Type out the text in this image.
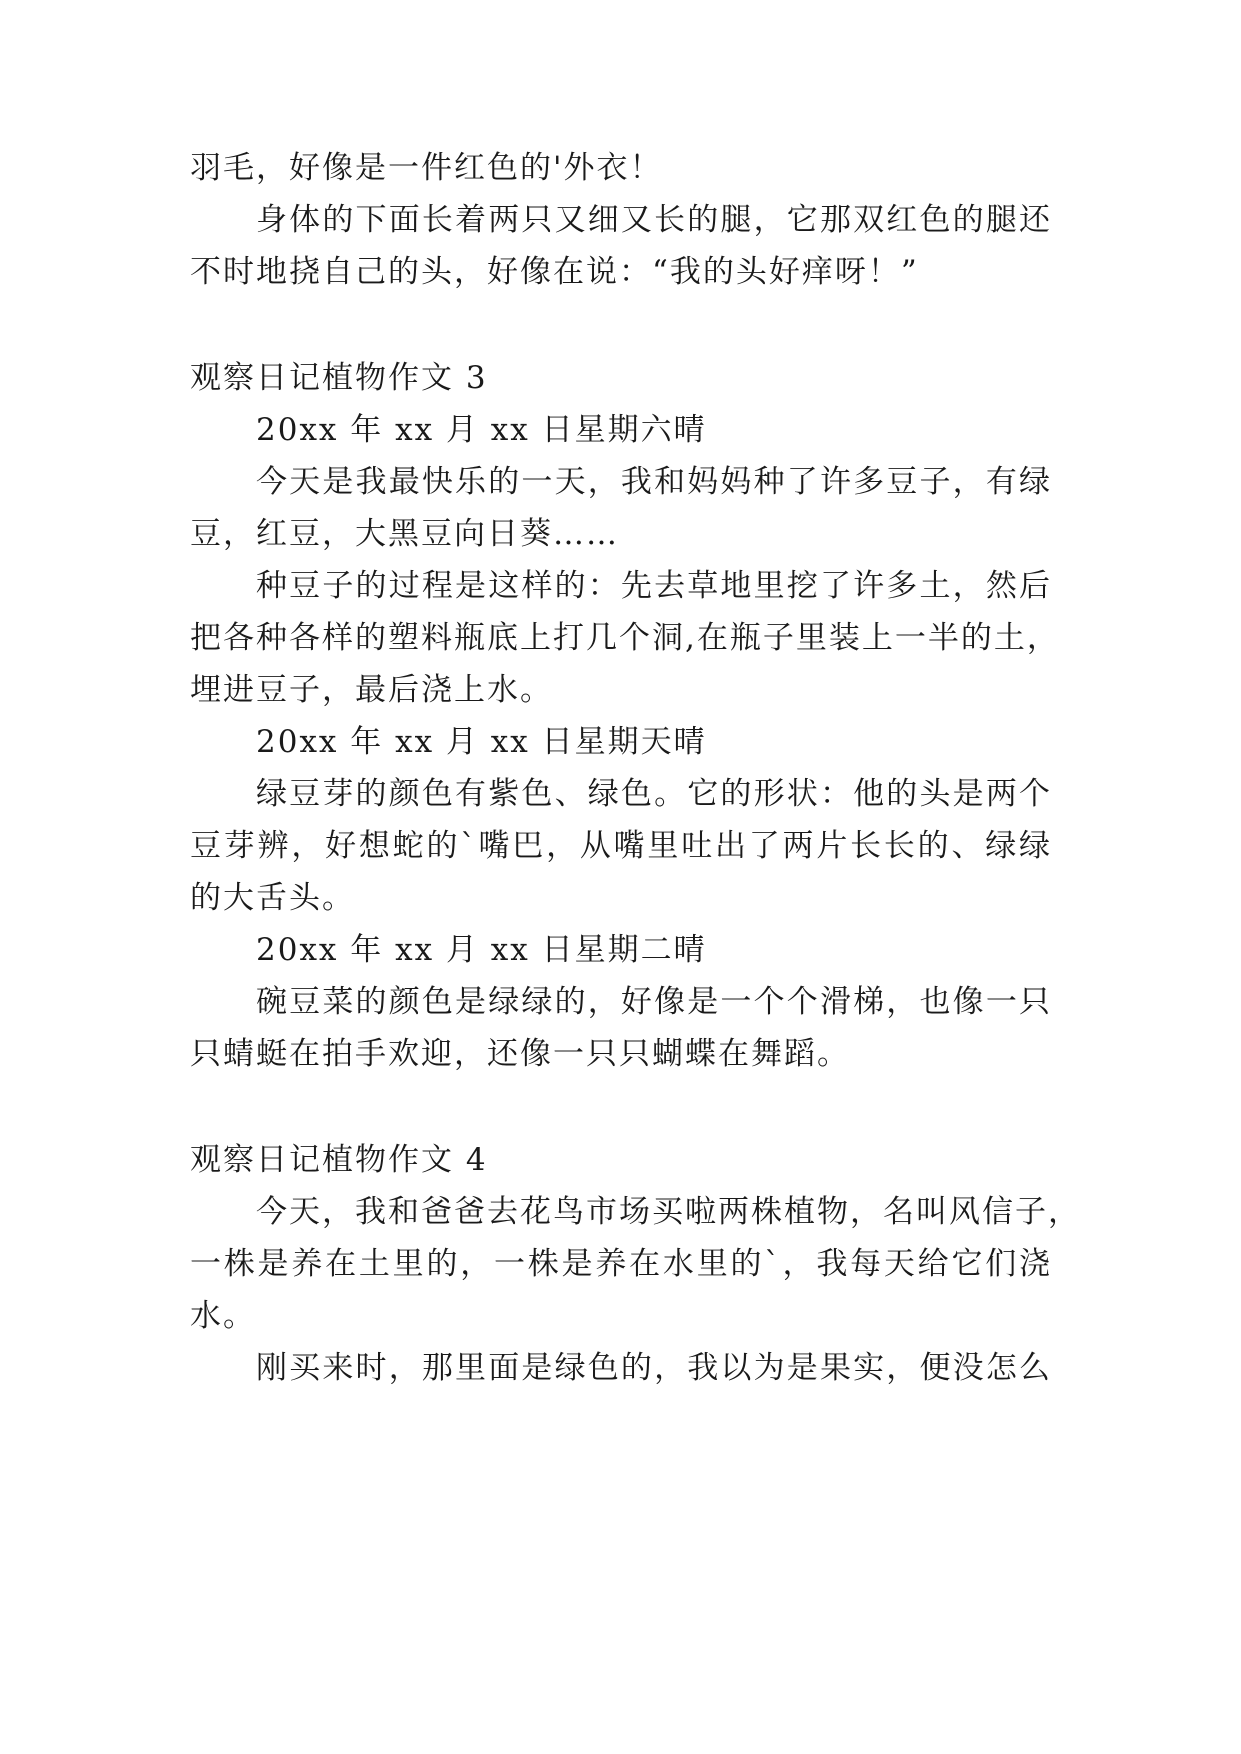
羽毛，好像是一件红色的'外衣！
身体的下面长着两只又细又长的腿，它那双红色的腿还
不时地挠自己的头，好像在说：“我的头好痒呀！”
观察日记植物作文 3
20xx 年 xx 月 xx 日星期六晴
今天是我最快乐的一天，我和妈妈种了许多豆子，有绿
豆，红豆，大黑豆向日葵……
种豆子的过程是这样的：先去草地里挖了许多土，然后
把各种各样的塑料瓶底上打几个洞,在瓶子里装上一半的土，
埋进豆子，最后浇上水。
20xx 年 xx 月 xx 日星期天晴
绿豆芽的颜色有紫色、绿色。它的形状：他的头是两个
豆芽辨，好想蛇的`嘴巴，从嘴里吐出了两片长长的、绿绿
的大舌头。
20xx 年 xx 月 xx 日星期二晴
碗豆菜的颜色是绿绿的，好像是一个个滑梯，也像一只
只蜻蜓在拍手欢迎，还像一只只蝴蝶在舞蹈。
观察日记植物作文 4
今天，我和爸爸去花鸟市场买啦两株植物，名叫风信子，
一株是养在土里的，一株是养在水里的`，我每天给它们浇
水。
刚买来时，那里面是绿色的，我以为是果实，便没怎么
